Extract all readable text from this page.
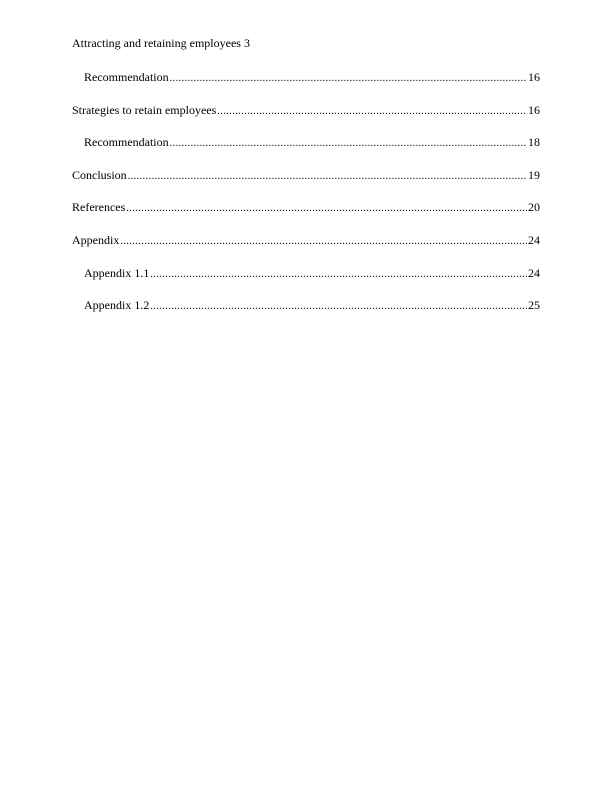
Attracting and retaining employees 3
Recommendation .....	16
Strategies to retain employees .....	16
Recommendation .....	18
Conclusion .....	19
References .....	20
Appendix .....	24
Appendix 1.1 .....	24
Appendix 1.2 .....	25
